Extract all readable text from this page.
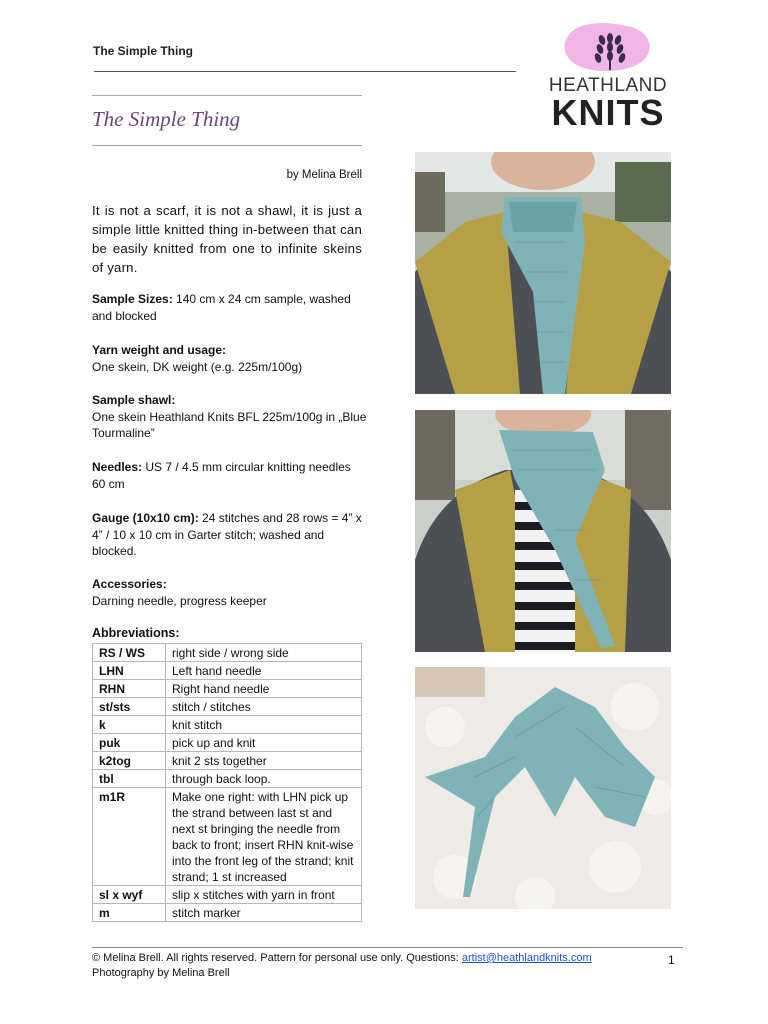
The Simple Thing
HEATHLAND
KNITS
The Simple Thing
by Melina Brell
It is not a scarf, it is not a shawl, it is just a simple little knitted thing in-between that can be easily knitted from one to infinite skeins of yarn.
Sample Sizes: 140 cm x 24 cm sample, washed and blocked
Yarn weight and usage:
One skein, DK weight (e.g. 225m/100g)
Sample shawl:
One skein Heathland Knits BFL 225m/100g in „Blue Tourmaline”
Needles: US 7 / 4.5 mm circular knitting needles 60 cm
Gauge (10x10 cm): 24 stitches and 28 rows = 4” x 4” / 10 x 10 cm in Garter stitch; washed and blocked.
Accessories:
Darning needle, progress keeper
Abbreviations:
RS / WS	right side / wrong side
LHN	Left hand needle
RHN	Right hand needle
st/sts	stitch / stitches
k	knit stitch
puk	pick up and knit
k2tog	knit 2 sts together
tbl	through back loop.
m1R	Make one right: with LHN pick up the strand between last st and next st bringing the needle from back to front; insert RHN knit-wise into the front leg of the strand; knit strand; 1 st increased
sl x wyf	slip x stitches with yarn in front
m	stitch marker
© Melina Brell. All rights reserved. Pattern for personal use only. Questions: artist@heathlandknits.com
Photography by Melina Brell
1
